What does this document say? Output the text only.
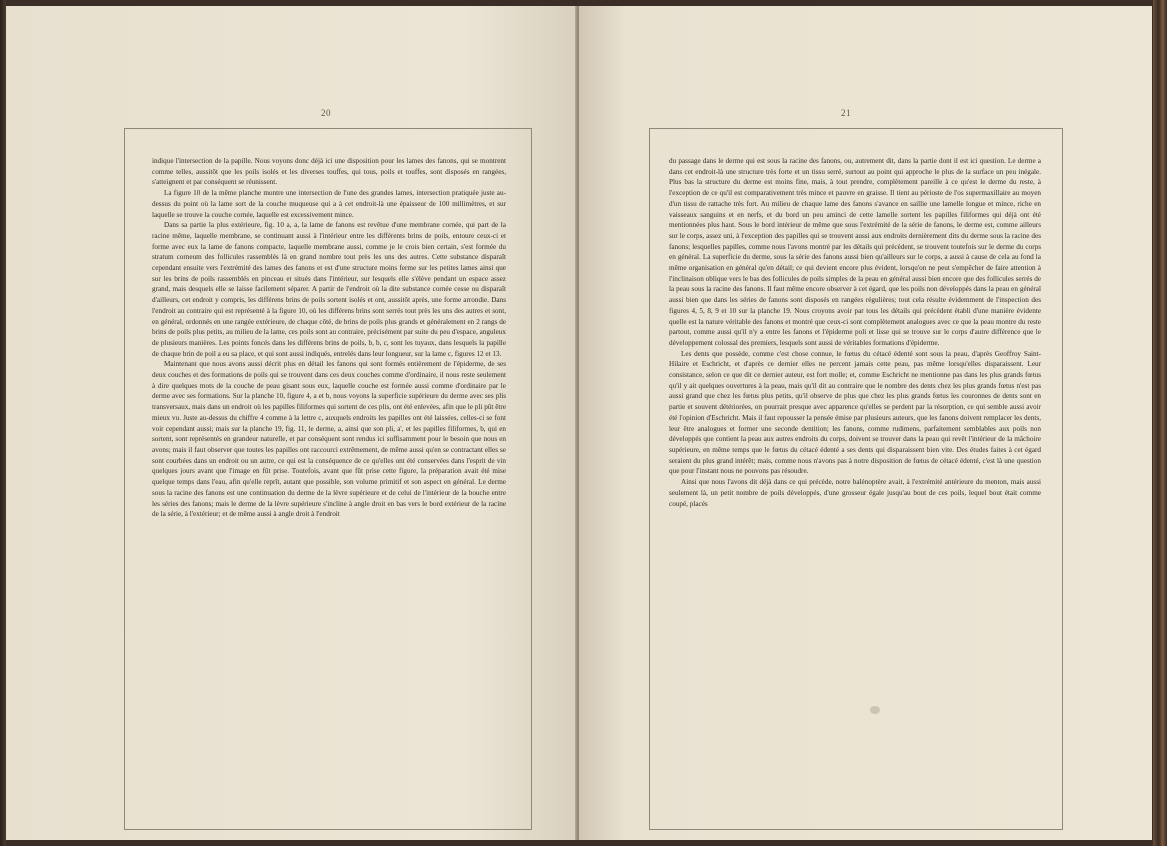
20

indique l'intersection de la papille. Nous voyons donc déjà ici une disposition pour les lames des fanons, qui se montrent comme telles, aussitôt que les poils isolés et les diverses touffes, qui tous, poils et touffes, sont disposés en rangées, s'atteignent et par conséquent se réunissent.

La figure 10 de la même planche montre une intersection de l'une des grandes lames, intersection pratiquée juste au-dessus du point où la lame sort de la couche muqueuse qui a à cet endroit-là une épaisseur de 100 millimètres, et sur laquelle se trouve la couche cornée, laquelle est excessivement mince.

Dans sa partie la plus extérieure, fig. 10 a, a, la lame de fanons est revêtue d'une membrane cornée, qui part de la racine même, laquelle membrane, se continuant aussi à l'intérieur entre les différents brins de poils, entoure ceux-ci et forme avec eux la lame de fanons compacte, laquelle membrane aussi, comme je le crois bien certain, s'est formée du stratum corneum des follicules rassemblés là en grand nombre tout près les uns des autres. Cette substance disparaît cependant ensuite vers l'extrémité des lames des fanons et est d'une structure moins ferme sur les petites lames ainsi que sur les brins de poils rassemblés en pinceau et situés dans l'intérieur, sur lesquels elle s'élève pendant un espace assez grand, mais desquels elle se laisse facilement séparer. A partir de l'endroit où la dite substance cornée cesse ou disparaît d'ailleurs, cet endroit y compris, les différens brins de poils sortent isolés et ont, aussitôt après, une forme arrondie. Dans l'endroit au contraire qui est représenté à la figure 10, où les différens brins sont serrés tout près les uns des autres et sont, en général, ordonnés en une rangée extérieure, de chaque côté, de brins de poils plus grands et généralement en 2 rangs de brins de poils plus petits, au milieu de la lame, ces poils sont au contraire, précisément par suite du peu d'espace, anguleux de plusieurs manières. Les points foncés dans les différens brins de poils, b, b, c, sont les tuyaux, dans lesquels la papille de chaque brin de poil a eu sa place, et qui sont aussi indiqués, entrelés dans leur longueur, sur la lame c, figures 12 et 13.

Maintenant que nous avons aussi décrit plus en détail les fanons qui sont formés entièrement de l'épiderme, de ses deux couches et des formations de poils qui se trouvent dans ces deux couches comme d'ordinaire, il nous reste seulement à dire quelques mots de la couche de peau gisant sous eux, laquelle couche est formée aussi comme d'ordinaire par le derme avec ses formations. Sur la planche 10, figure 4, a et b, nous voyons la superficie supérieure du derme avec ses plis transversaux, mais dans un endroit où les papilles filiformes qui sortent de ces plis, ont été enlevées, afin que le pli pût être mieux vu. Juste au-dessus du chiffre 4 comme à la lettre c, auxquels endroits les papilles ont été laissées, celles-ci se font voir cependant aussi; mais sur la planche 19, fig. 11, le derme, a, ainsi que son pli, a', et les papilles filiformes, b, qui en sortent, sont représentés en grandeur naturelle, et par conséquent sont rendus ici suffisamment pour le besoin que nous en avons; mais il faut observer que toutes les papilles ont raccourci extrêmement, de même aussi qu'en se contractant elles se sont courbées dans un endroit ou un autre, ce qui est la conséquence de ce qu'elles ont été conservées dans l'esprit de vin quelques jours avant que l'image en fût prise. Toutefois, avant que fût prise cette figure, la préparation avait été mise quelque temps dans l'eau, afin qu'elle reprît, autant que possible, son volume primitif et son aspect en général. Le derme sous la racine des fanons est une continuation du derme de la lèvre supérieure et de celui de l'intérieur de la bouche entre les séries des fanons; mais le derme de la lèvre supérieure s'incline à angle droit en bas vers le bord extérieur de la racine de la série, à l'extérieur; et de même aussi à angle droit à l'endroit

21

du passage dans le derme qui est sous la racine des fanons, ou, autrement dit, dans la partie dont il est ici question. Le derme a dans cet endroit-là une structure très forte et un tissu serré, surtout au point qui approche le plus de la surface un peu inégale. Plus bas la structure du derme est moins fine, mais, à tout prendre, complètement pareille à ce qu'est le derme du reste, à l'exception de ce qu'il est comparativement très mince et pauvre en graisse. Il tient au périoste de l'os supermaxillaire au moyen d'un tissu de rattache très fort. Au milieu de chaque lame des fanons s'avance en saillie une lamelle longue et mince, riche en vaisseaux sanguins et en nerfs, et du bord un peu aminci de cette lamelle sortent les papilles filiformes qui déjà ont été mentionnées plus haut. Sous le bord intérieur de même que sous l'extrémité de la série de fanons, le derme est, comme ailleurs sur le corps, assez uni, à l'exception des papilles qui se trouvent aussi aux endroits dernièrement dits du derme sous la racine des fanons; lesquelles papilles, comme nous l'avons montré par les détails qui précèdent, se trouvent toutefois sur le derme du corps en général. La superficie du derme, sous la série des fanons aussi bien qu'ailleurs sur le corps, a aussi à cause de cela au fond la même organisation en général qu'en détail; ce qui devient encore plus évident, lorsqu'on ne peut s'empêcher de faire attention à l'inclinaison oblique vers le bas des follicules de poils simples de la peau en général aussi bien encore que des follicules serrés de la peau sous la racine des fanons. Il faut même encore observer à cet égard, que les poils non développés dans la peau en général aussi bien que dans les séries de fanons sont disposés en rangées régulières; tout cela résulte évidemment de l'inspection des figures 4, 5, 8, 9 et 10 sur la planche 19. Nous croyons avoir par tous les détails qui précèdent établi d'une manière évidente quelle est la nature véritable des fanons et montré que ceux-ci sont complètement analogues avec ce que la peau montre du reste partout, comme aussi qu'il n'y a entre les fanons et l'épiderme poli et lisse qui se trouve sur le corps d'autre différence que le développement colossal des premiers, lesquels sont aussi de véritables formations d'épiderme.

Les dents que possède, comme c'est chose connue, le fœtus du cétacé édenté sont sous la peau, d'après Geoffroy Saint-Hilaire et Eschricht, et d'après ce dernier elles ne percent jamais cette peau, pas même lorsqu'elles disparaissent. Leur consistance, selon ce que dit ce dernier auteur, est fort molle; et, comme Eschricht ne mentionne pas dans les plus grands fœtus qu'il y ait quelques ouvertures à la peau, mais qu'il dit au contraire que le nombre des dents chez les plus grands fœtus n'est pas aussi grand que chez les fœtus plus petits, qu'il observe de plus que chez les plus grands fœtus les couronnes de dents sont en partie et souvent détériorées, on pourrait presque avec apparence qu'elles se perdent par la résorption, ce qui semble aussi avoir été l'opinion d'Eschricht. Mais il faut repousser la pensée émise par plusieurs auteurs, que les fanons doivent remplacer les dents, leur être analogues et former une seconde dentition; les fanons, comme rudimens, parfaitement semblables aux poils non développés que contient la peau aux autres endroits du corps, doivent se trouver dans la peau qui revêt l'intérieur de la mâchoire supérieure, en même temps que le fœtus du cétacé édenté a ses dents qui disparaissent bien vite. Des études faites à cet égard seraient du plus grand intérêt; mais, comme nous n'avons pas à notre disposition de fœtus de cétacé édenté, c'est là une question que pour l'instant nous ne pouvons pas résoudre.

Ainsi que nous l'avons dit déjà dans ce qui précède, notre balénoptère avait, à l'extrémité antérieure du menton, mais aussi seulement là, un petit nombre de poils développés, d'une grosseur égale jusqu'au bout de ces poils, lequel bout était comme coupé, placés
